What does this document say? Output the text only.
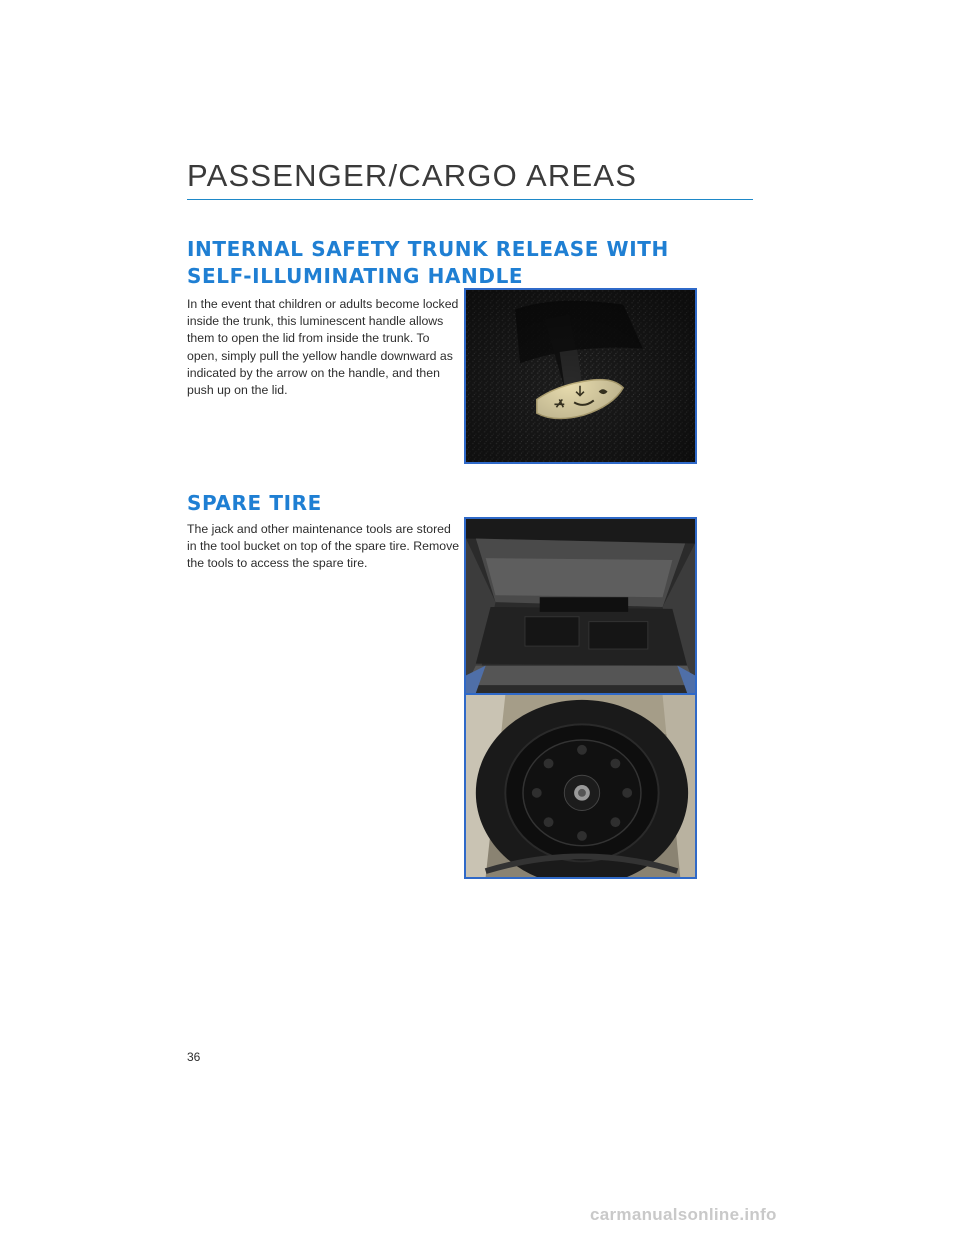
PASSENGER/CARGO AREAS
INTERNAL SAFETY TRUNK RELEASE WITH
SELF-ILLUMINATING HANDLE

In the event that children or adults become locked inside the trunk, this luminescent handle allows them to open the lid from inside the trunk. To open, simply pull the yellow handle downward as indicated by the arrow on the handle, and then push up on the lid.

SPARE TIRE

The jack and other maintenance tools are stored in the tool bucket on top of the spare tire. Remove the tools to access the spare tire.

36
carmanualsonline.info
